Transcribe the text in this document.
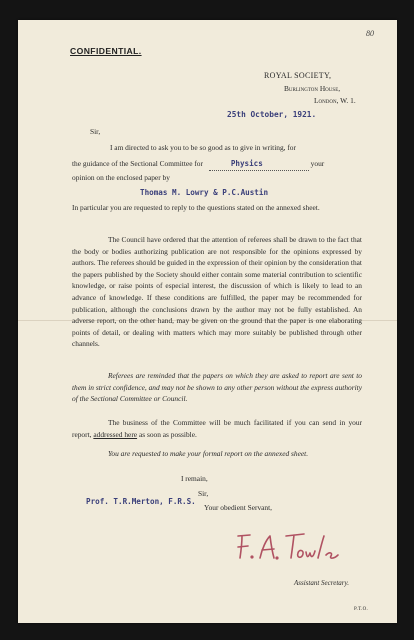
CONFIDENTIAL.
80
ROYAL SOCIETY,
Burlington House,
London, W. 1.
25th October, 1921.
Sir,
I am directed to ask you to be so good as to give in writing, for
the guidance of the Sectional Committee for	Physics	your
opinion on the enclosed paper by
Thomas M. Lowry & P.C.Austin
In particular you are requested to reply to the questions stated on the annexed sheet.
The Council have ordered that the attention of referees shall be drawn to the fact that the body or bodies authorizing publication are not responsible for the opinions expressed by authors. The referees should be guided in the expression of their opinion by the consideration that the papers published by the Society should either contain some material contribution to scientific knowledge, or raise points of especial interest, the discussion of which is likely to lead to an advance of knowledge. If these conditions are fulfilled, the paper may be recommended for publication, although the conclusions drawn by the author may not be fully established. An adverse report, on the other hand, may be given on the ground that the paper is one elaborating points of detail, or dealing with matters which may more suitably be published through other channels.
Referees are reminded that the papers on which they are asked to report are sent to them in strict confidence, and may not be shown to any other person without the express authority of the Sectional Committee or Council.
The business of the Committee will be much facilitated if you can send in your report, addressed here as soon as possible.
You are requested to make your formal report on the annexed sheet.
I remain,
Sir,
Prof. T.R.Merton, F.R.S.
Your obedient Servant,
Assistant Secretary.
P.T.O.
